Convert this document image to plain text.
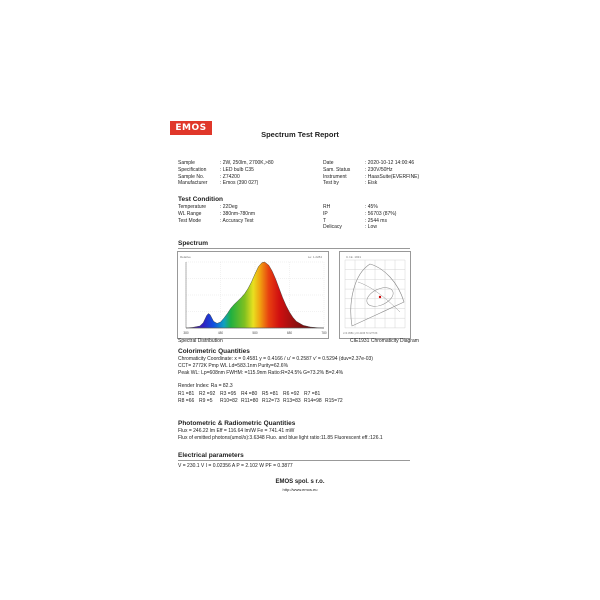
EMOS
Spectrum Test Report
Sample	: 2W, 250lm, 2700K,>80
Specification	: LED bulb C35
Sample No.	: Z74200
Manufacturer	: Emos (390 027)
Date	: 2020-10-12 14:00:46
Sam. Status	: 230V/50Hz
Instrument	: HaasSuite(EVERFINE)
Test by	: Eisk
Test Condition
Temperature	: 22Deg
WL Range	: 380nm-780nm
Test Mode	: Accuracy Test
RH	: 45%
IP	: 56703 (87%)
T	: 2544 ms
Delicacy	: Low
Spectrum
380	480	580	680	780
Le: 1.2284
Relative	C.I.E. 1931
x=0.4581 y=0.4166 Tc=2772K
Spectral Distribution	CIE1931 Chromaticity Diagram
Colorimetric Quantities
Chromaticity Coordinate: x = 0.4581 y = 0.4166 / u' = 0.2587 v' = 0.5294 (duv=2.37e-03)
CCT= 2772K Pmp WL Ld=583.1nm Purity=62.6%
Peak WL: Lp=608nm FWHM: =115.9nm Ratio:R=24.5% G=73.2% B=2.4%
Render Index: Ra = 82.3
R1 =81 R2 =92 R3 =95 R4 =80 R5 =81 R6 =92 R7 =81
R8 =66 R9 =5	R10=82 R11=80 R12=73 R13=83 R14=98 R15=72
Photometric & Radiometric Quantities
Flux = 246.22 lm Eff = 116.64 lm/W Fe = 741.41 mW
Flux of emitted photons(umol/s):3.6348 Fluo. and blue light ratio:11.85 Fluorescent eff.:126.1
Electrical parameters
V = 230.1 V I = 0.02356 A P = 2.102 W PF = 0.3877
EMOS spol. s r.o.
http://www.emos.eu
